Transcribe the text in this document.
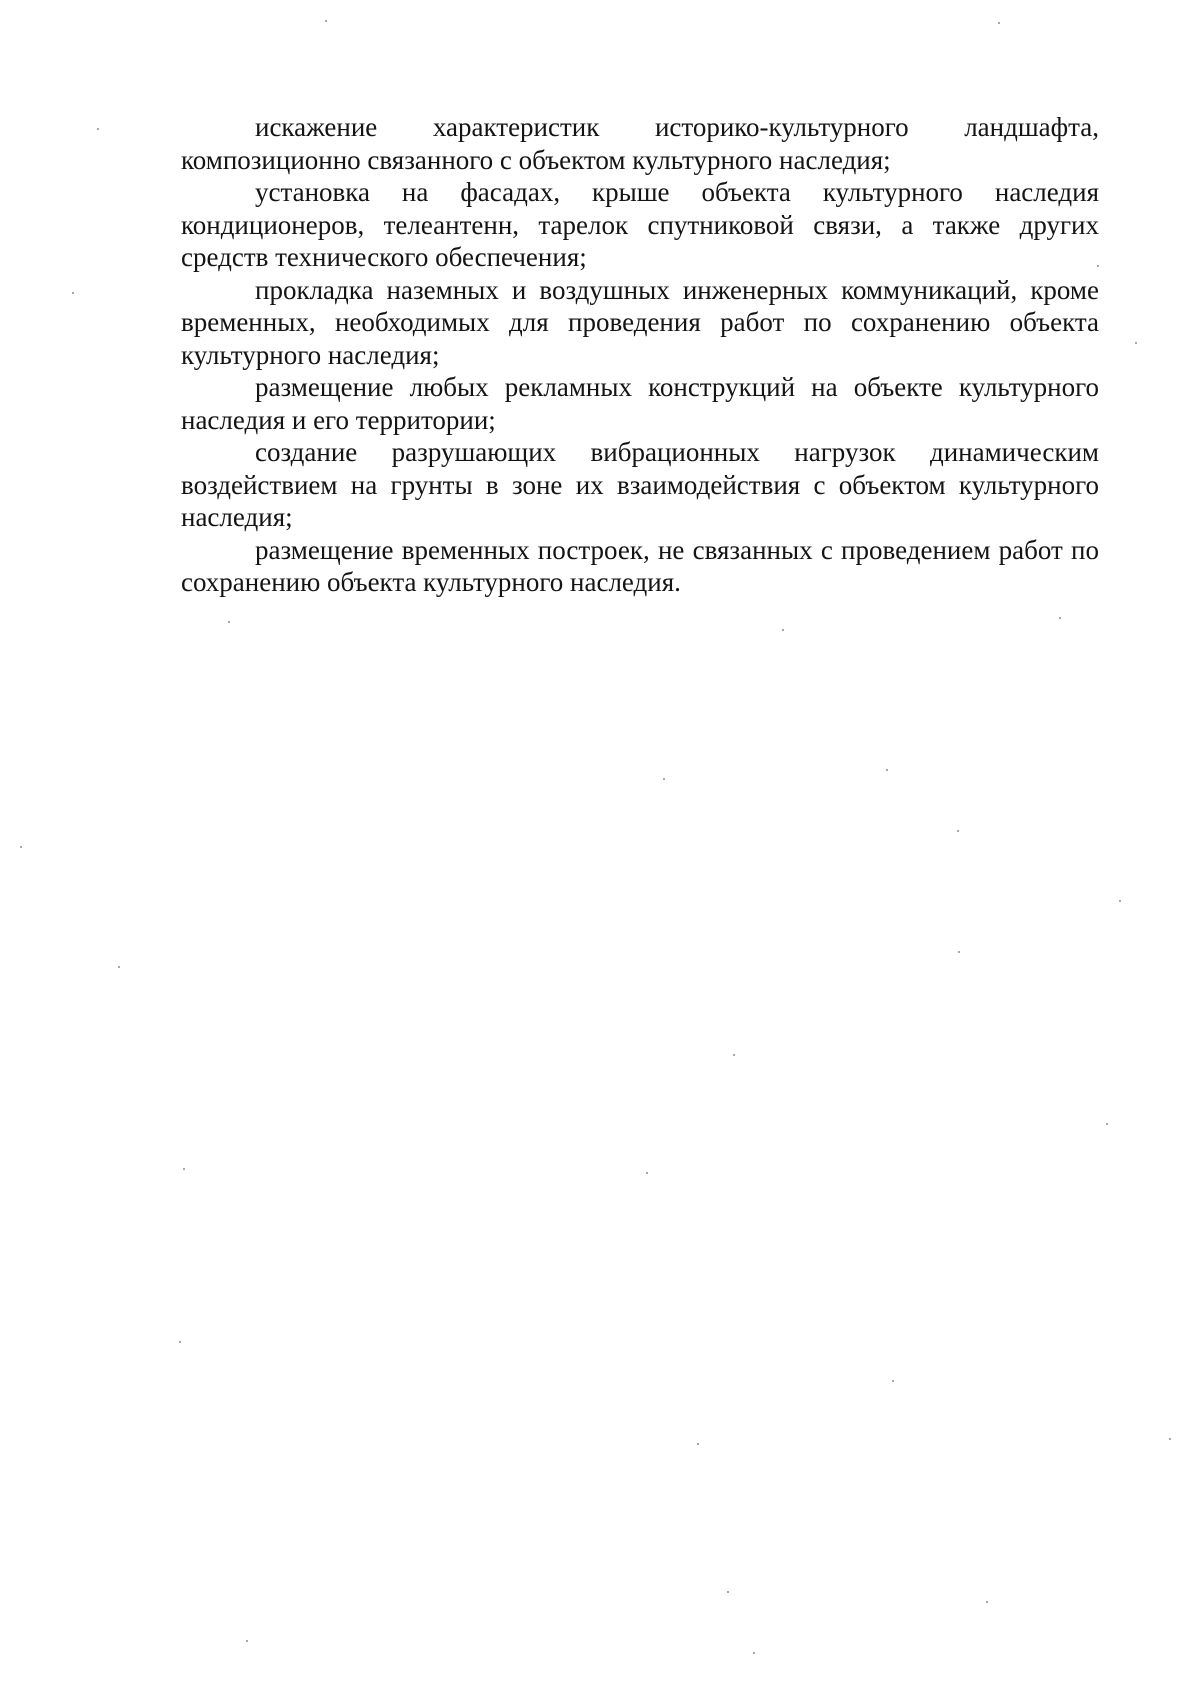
искажение характеристик историко-культурного ландшафта, композиционно связанного с объектом культурного наследия;

установка на фасадах, крыше объекта культурного наследия кондиционеров, телеантенн, тарелок спутниковой связи, а также других средств технического обеспечения;

прокладка наземных и воздушных инженерных коммуникаций, кроме временных, необходимых для проведения работ по сохранению объекта культурного наследия;

размещение любых рекламных конструкций на объекте культурного наследия и его территории;

создание разрушающих вибрационных нагрузок динамическим воздействием на грунты в зоне их взаимодействия с объектом культурного наследия;

размещение временных построек, не связанных с проведением работ по сохранению объекта культурного наследия.
